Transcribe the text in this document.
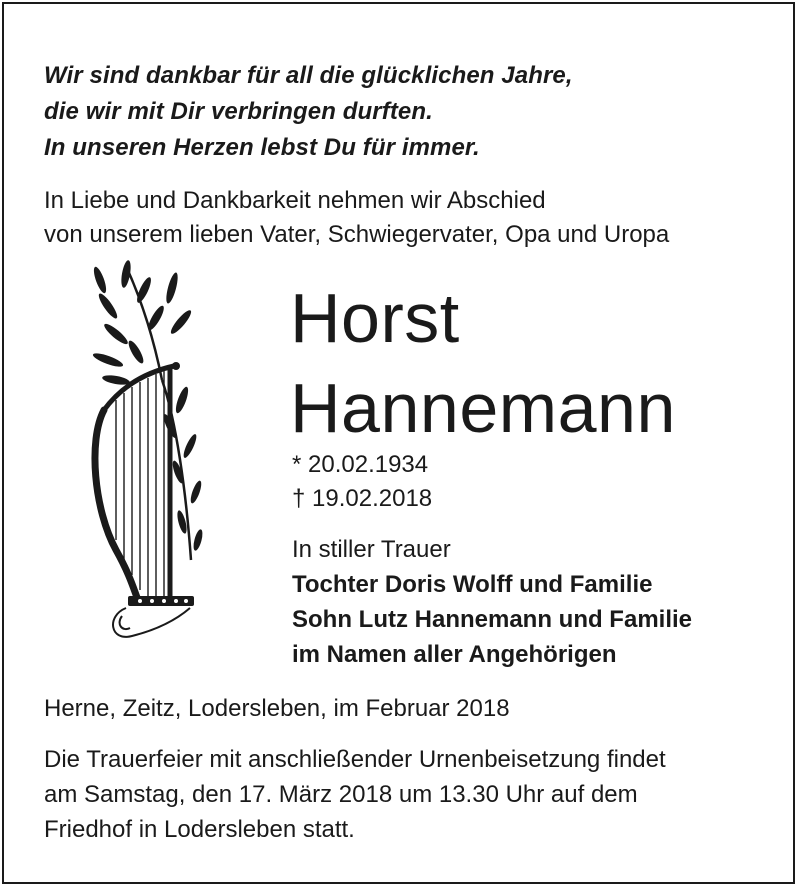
Wir sind dankbar für all die glücklichen Jahre,
die wir mit Dir verbringen durften.
In unseren Herzen lebst Du für immer.
In Liebe und Dankbarkeit nehmen wir Abschied
von unserem lieben Vater, Schwiegervater, Opa und Uropa
Horst
Hannemann
* 20.02.1934
† 19.02.2018
In stiller Trauer
Tochter Doris Wolff und Familie
Sohn Lutz Hannemann und Familie
im Namen aller Angehörigen
Herne, Zeitz, Lodersleben, im Februar 2018
Die Trauerfeier mit anschließender Urnenbeisetzung findet
am Samstag, den 17. März 2018 um 13.30 Uhr auf dem
Friedhof in Lodersleben statt.
